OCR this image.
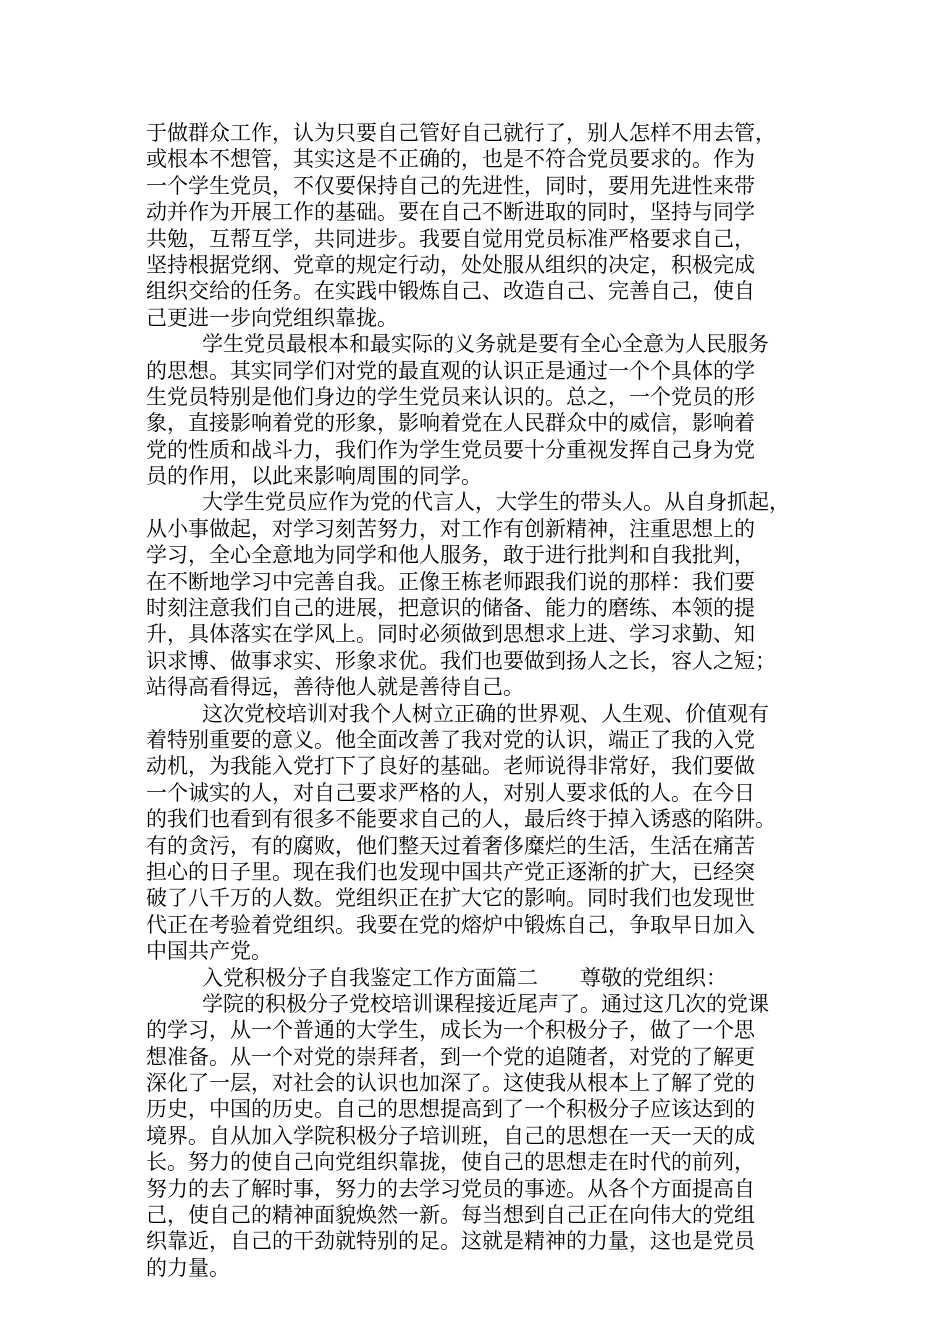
于做群众工作，认为只要自己管好自己就行了，别人怎样不用去管，
或根本不想管，其实这是不正确的，也是不符合党员要求的。作为
一个学生党员，不仅要保持自己的先进性，同时，要用先进性来带
动并作为开展工作的基础。要在自己不断进取的同时，坚持与同学
共勉，互帮互学，共同进步。我要自觉用党员标准严格要求自己，
坚持根据党纲、党章的规定行动，处处服从组织的决定，积极完成
组织交给的任务。在实践中锻炼自己、改造自己、完善自己，使自
己更进一步向党组织靠拢。
学生党员最根本和最实际的义务就是要有全心全意为人民服务
的思想。其实同学们对党的最直观的认识正是通过一个个具体的学
生党员特别是他们身边的学生党员来认识的。总之，一个党员的形
象，直接影响着党的形象，影响着党在人民群众中的威信，影响着
党的性质和战斗力，我们作为学生党员要十分重视发挥自己身为党
员的作用，以此来影响周围的同学。
大学生党员应作为党的代言人，大学生的带头人。从自身抓起，
从小事做起，对学习刻苦努力，对工作有创新精神，注重思想上的
学习，全心全意地为同学和他人服务，敢于进行批判和自我批判，
在不断地学习中完善自我。正像王栋老师跟我们说的那样：我们要
时刻注意我们自己的进展，把意识的储备、能力的磨练、本领的提
升，具体落实在学风上。同时必须做到思想求上进、学习求勤、知
识求博、做事求实、形象求优。我们也要做到扬人之长，容人之短；
站得高看得远，善待他人就是善待自己。
这次党校培训对我个人树立正确的世界观、人生观、价值观有
着特别重要的意义。他全面改善了我对党的认识，端正了我的入党
动机，为我能入党打下了良好的基础。老师说得非常好，我们要做
一个诚实的人，对自己要求严格的人，对别人要求低的人。在今日
的我们也看到有很多不能要求自己的人，最后终于掉入诱惑的陷阱。
有的贪污，有的腐败，他们整天过着奢侈糜烂的生活，生活在痛苦
担心的日子里。现在我们也发现中国共产党正逐渐的扩大，已经突
破了八千万的人数。党组织正在扩大它的影响。同时我们也发现世
代正在考验着党组织。我要在党的熔炉中锻炼自己，争取早日加入
中国共产党。
入党积极分子自我鉴定工作方面篇二　　尊敬的党组织：
学院的积极分子党校培训课程接近尾声了。通过这几次的党课
的学习，从一个普通的大学生，成长为一个积极分子，做了一个思
想准备。从一个对党的崇拜者，到一个党的追随者，对党的了解更
深化了一层，对社会的认识也加深了。这使我从根本上了解了党的
历史，中国的历史。自己的思想提高到了一个积极分子应该达到的
境界。自从加入学院积极分子培训班，自己的思想在一天一天的成
长。努力的使自己向党组织靠拢，使自己的思想走在时代的前列，
努力的去了解时事，努力的去学习党员的事迹。从各个方面提高自
己，使自己的精神面貌焕然一新。每当想到自己正在向伟大的党组
织靠近，自己的干劲就特别的足。这就是精神的力量，这也是党员
的力量。
